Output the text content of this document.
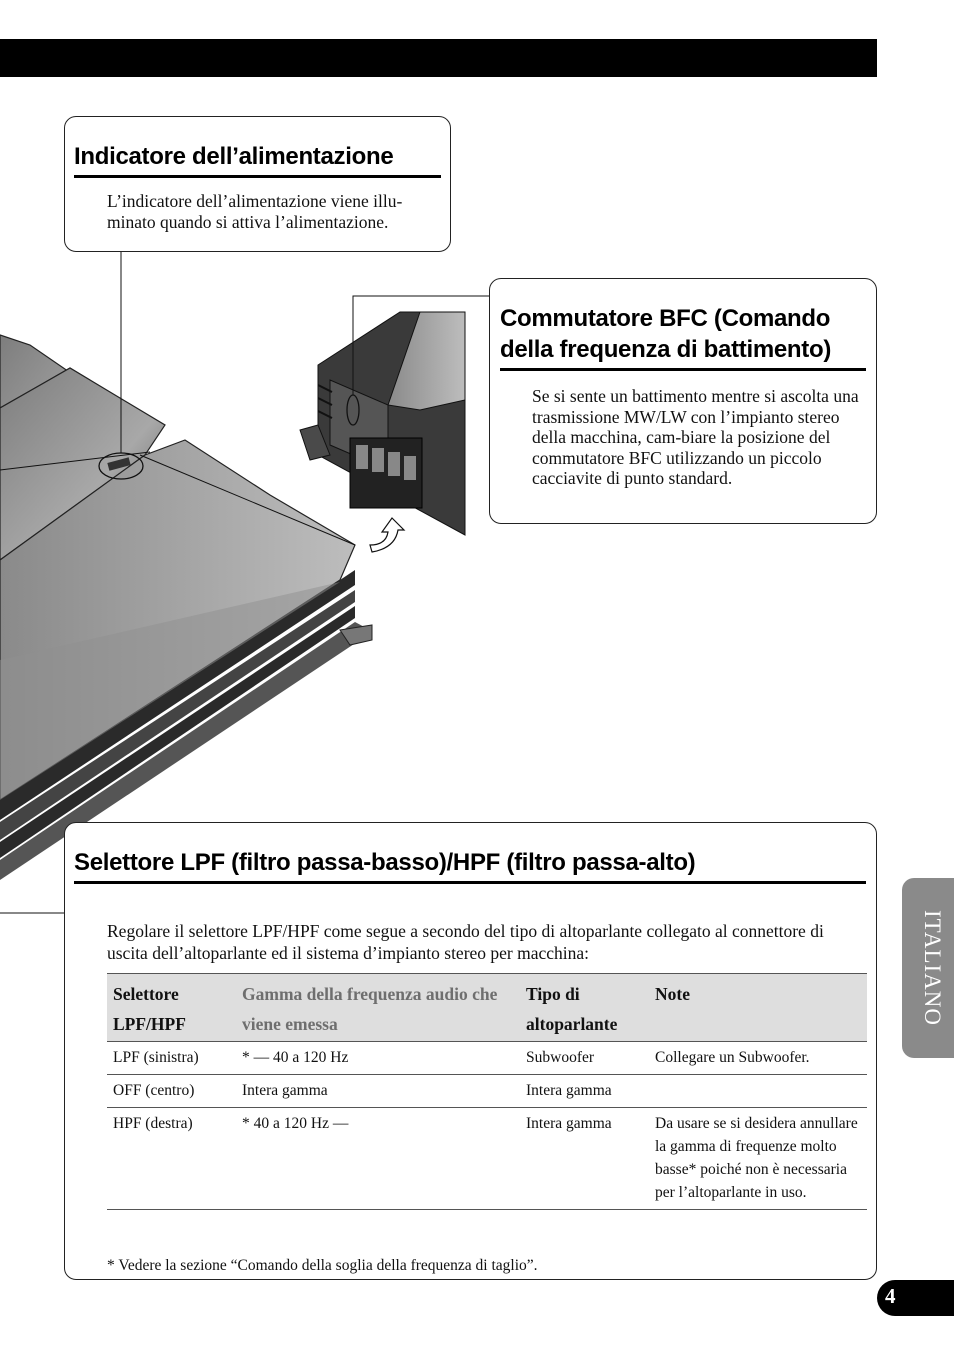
Indicatore dell’alimentazione

L’indicatore dell’alimentazione viene illu-minato quando si attiva l’alimentazione.

Commutatore BFC (Comando della frequenza di battimento)

Se si sente un battimento mentre si ascolta una trasmissione MW/LW con l’impianto stereo della macchina, cam-biare la posizione del commutatore BFC utilizzando un piccolo cacciavite di punto standard.

Selettore LPF (filtro passa-basso)/HPF (filtro passa-alto)

Regolare il selettore LPF/HPF come segue a secondo del tipo di altoparlante collegato al connettore di uscita dell’altoparlante ed il sistema d’impianto stereo per macchina:

Selettore LPF/HPF	Gamma della frequenza audio che viene emessa	Tipo di altoparlante	Note
LPF (sinistra)	* — 40 a 120 Hz	Subwoofer	Collegare un Subwoofer.
OFF (centro)	Intera gamma	Intera gamma	
HPF (destra)	* 40 a 120 Hz —	Intera gamma	Da usare se si desidera annullare la gamma di frequenze molto basse* poiché non è necessaria per l’altoparlante in uso.

* Vedere la sezione “Comando della soglia della frequenza di taglio”.

ITALIANO
4
